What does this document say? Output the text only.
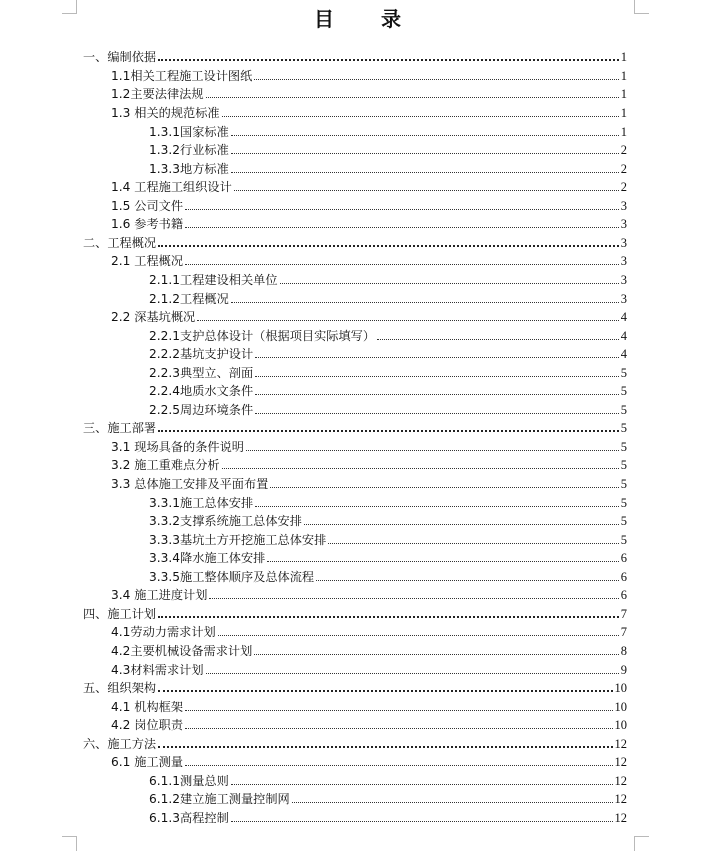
目 录
一、编制依据	1
1.1相关工程施工设计图纸	1
1.2主要法律法规	1
1.3 相关的规范标准	1
1.3.1国家标准	1
1.3.2行业标准	2
1.3.3地方标准	2
1.4 工程施工组织设计	2
1.5 公司文件	3
1.6 参考书籍	3
二、工程概况	3
2.1 工程概况	3
2.1.1工程建设相关单位	3
2.1.2工程概况	3
2.2 深基坑概况	4
2.2.1支护总体设计（根据项目实际填写）	4
2.2.2基坑支护设计	4
2.2.3典型立、剖面	5
2.2.4地质水文条件	5
2.2.5周边环境条件	5
三、施工部署	5
3.1 现场具备的条件说明	5
3.2 施工重难点分析	5
3.3 总体施工安排及平面布置	5
3.3.1施工总体安排	5
3.3.2支撑系统施工总体安排	5
3.3.3基坑土方开挖施工总体安排	5
3.3.4降水施工体安排	6
3.3.5施工整体顺序及总体流程	6
3.4 施工进度计划	6
四、施工计划	7
4.1劳动力需求计划	7
4.2主要机械设备需求计划	8
4.3材料需求计划	9
五、组织架构	10
4.1 机构框架	10
4.2 岗位职责	10
六、施工方法	12
6.1 施工测量	12
6.1.1测量总则	12
6.1.2建立施工测量控制网	12
6.1.3高程控制	12
